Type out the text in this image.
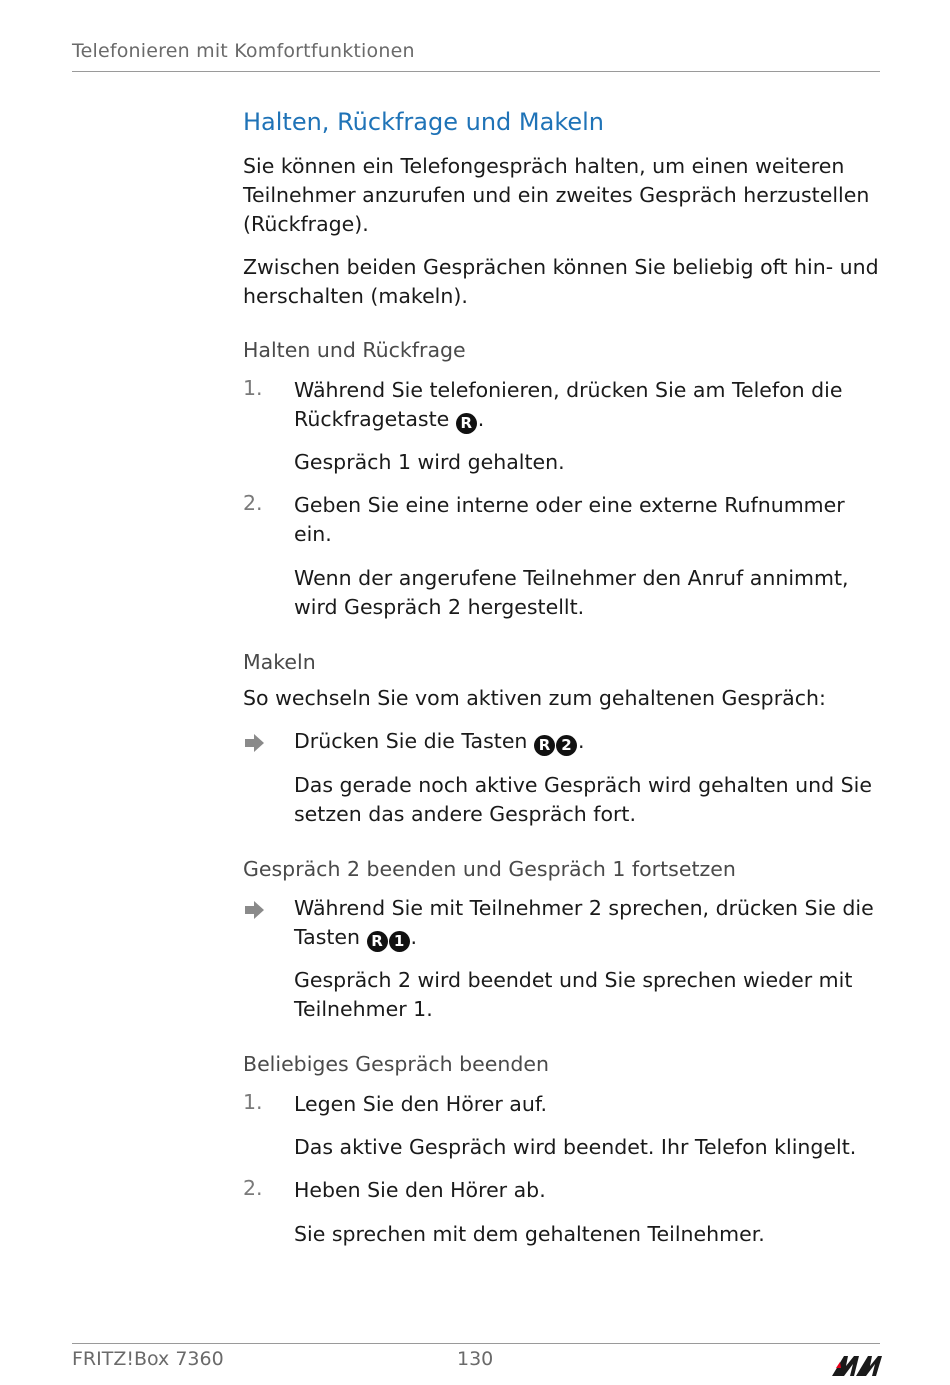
Telefonieren mit Komfortfunktionen
Halten, Rückfrage und Makeln

Sie können ein Telefongespräch halten, um einen weiteren Teilnehmer anzurufen und ein zweites Gespräch herzustellen (Rückfrage).

Zwischen beiden Gesprächen können Sie beliebig oft hin- und herschalten (makeln).

Halten und Rückfrage
1.	Während Sie telefonieren, drücken Sie am Telefon die Rückfragetaste R .

Gespräch 1 wird gehalten.

2.	Geben Sie eine interne oder eine externe Rufnummer ein.

Wenn der angerufene Teilnehmer den Anruf annimmt, wird Gespräch 2 hergestellt.

Makeln

So wechseln Sie vom aktiven zum gehaltenen Gespräch:

Drücken Sie die Tasten R 2 .

Das gerade noch aktive Gespräch wird gehalten und Sie setzen das andere Gespräch fort.

Gespräch 2 beenden und Gespräch 1 fortsetzen

Während Sie mit Teilnehmer 2 sprechen, drücken Sie die Tasten R 1 .

Gespräch 2 wird beendet und Sie sprechen wieder mit Teilnehmer 1.

Beliebiges Gespräch beenden
1.	Legen Sie den Hörer auf.

Das aktive Gespräch wird beendet. Ihr Telefon klingelt.

2.	Heben Sie den Hörer ab.

Sie sprechen mit dem gehaltenen Teilnehmer.

FRITZ!Box 7360	130
